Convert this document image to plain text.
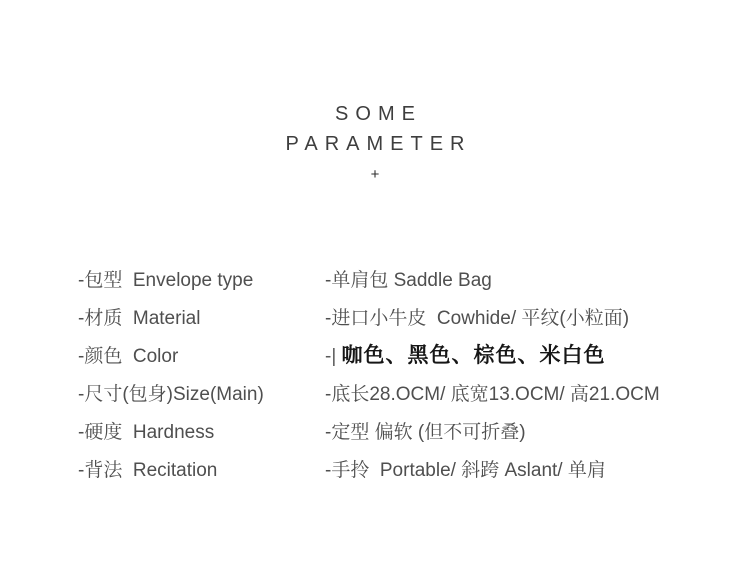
SOME
PARAMETER
+
-包型  Envelope type	-单肩包 Saddle Bag
-材质  Material	-进口小牛皮  Cowhide/ 平纹(小粒面)
-颜色  Color	-| 咖色、黑色、棕色、米白色
-尺寸(包身)Size(Main)	-底长28.OCM/ 底宽13.OCM/ 高21.OCM
-硬度  Hardness	-定型 偏软 (但不可折叠)
-背法  Recitation	-手拎  Portable/ 斜跨 Aslant/ 单肩
